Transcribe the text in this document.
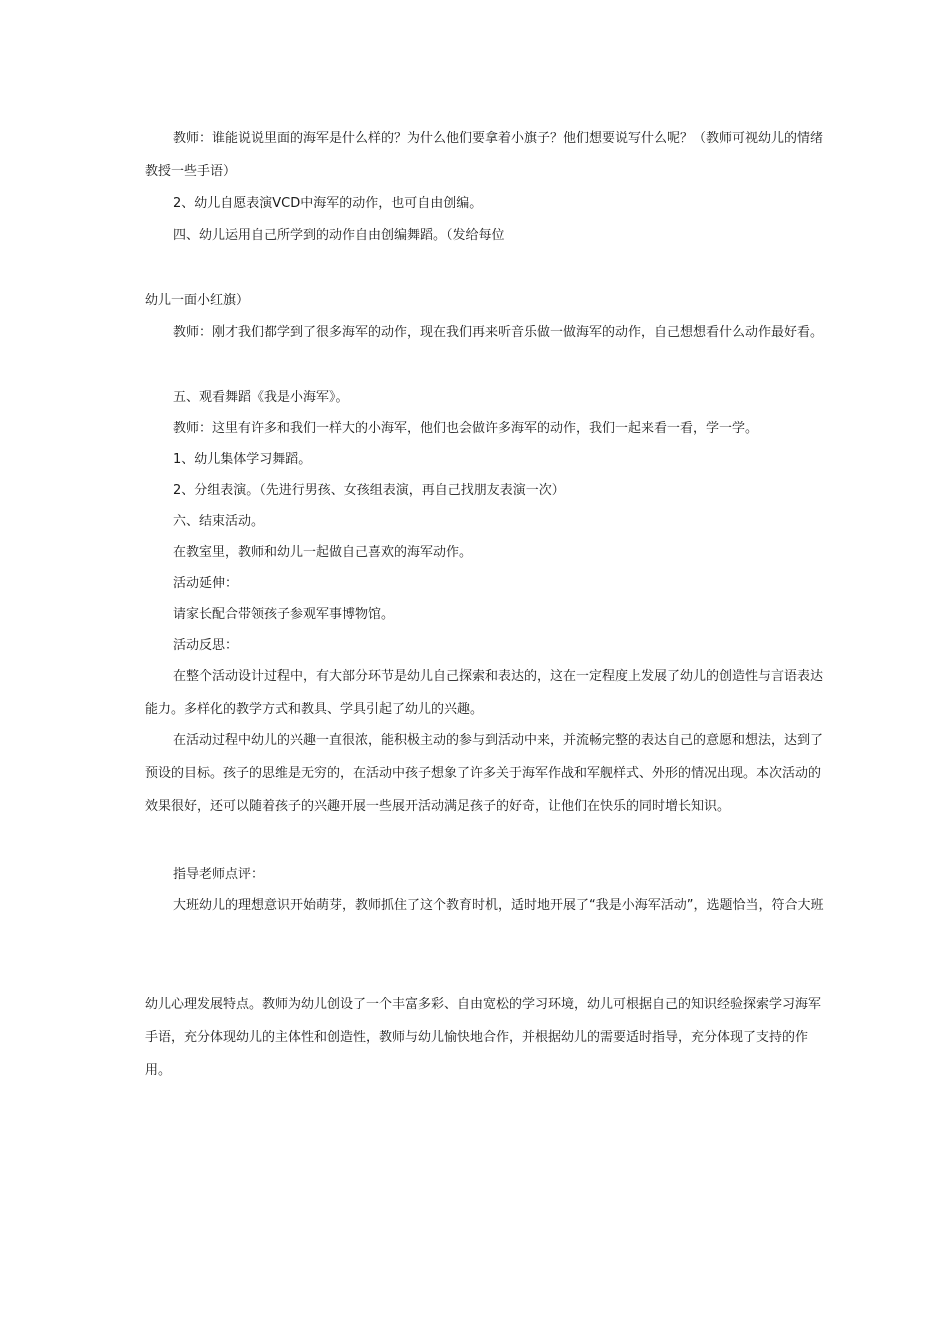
教师：谁能说说里面的海军是什么样的？为什么他们要拿着小旗子？他们想要说写什么呢？（教师可视幼儿的情绪教授一些手语）
2、幼儿自愿表演VCD中海军的动作，也可自由创编。
四、幼儿运用自己所学到的动作自由创编舞蹈。（发给每位
幼儿一面小红旗）
教师：刚才我们都学到了很多海军的动作，现在我们再来听音乐做一做海军的动作，自己想想看什么动作最好看。
五、观看舞蹈《我是小海军》。
教师：这里有许多和我们一样大的小海军，他们也会做许多海军的动作，我们一起来看一看，学一学。
1、幼儿集体学习舞蹈。
2、分组表演。（先进行男孩、女孩组表演，再自己找朋友表演一次）
六、结束活动。
在教室里，教师和幼儿一起做自己喜欢的海军动作。
活动延伸：
请家长配合带领孩子参观军事博物馆。
活动反思：
在整个活动设计过程中，有大部分环节是幼儿自己探索和表达的，这在一定程度上发展了幼儿的创造性与言语表达能力。多样化的教学方式和教具、学具引起了幼儿的兴趣。
在活动过程中幼儿的兴趣一直很浓，能积极主动的参与到活动中来，并流畅完整的表达自己的意愿和想法，达到了预设的目标。孩子的思维是无穷的，在活动中孩子想象了许多关于海军作战和军舰样式、外形的情况出现。本次活动的效果很好，还可以随着孩子的兴趣开展一些展开活动满足孩子的好奇，让他们在快乐的同时增长知识。
指导老师点评：
大班幼儿的理想意识开始萌芽，教师抓住了这个教育时机，适时地开展了“我是小海军活动”，选题恰当，符合大班
幼儿心理发展特点。教师为幼儿创设了一个丰富多彩、自由宽松的学习环境，幼儿可根据自己的知识经验探索学习海军手语，充分体现幼儿的主体性和创造性，教师与幼儿愉快地合作，并根据幼儿的需要适时指导，充分体现了支持的作用。
